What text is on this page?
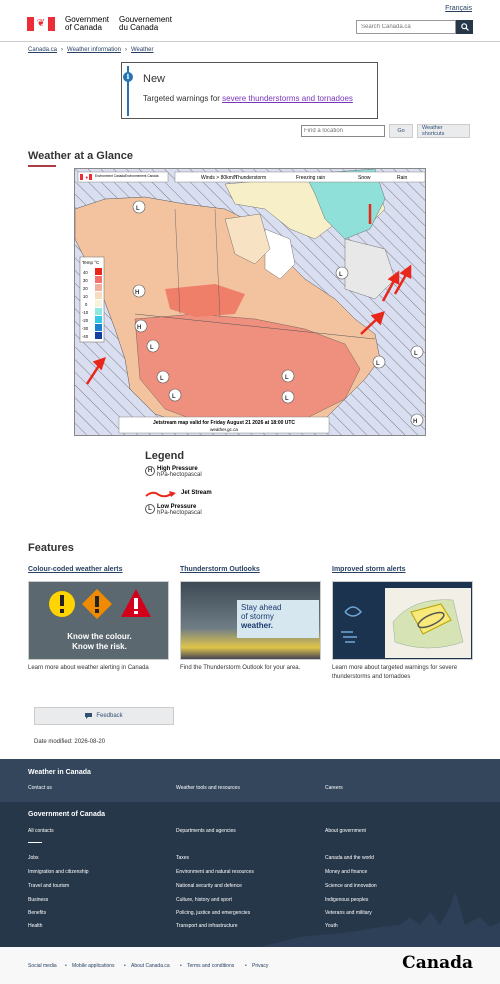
Français
❦	Government
of Canada
Gouvernement
du Canada
Search Canada.ca
Canada.ca › Weather information › Weather
i	New
Targeted warnings for severe thunderstorms and tornadoes
Find a location
Go	Weather shortcuts
Weather at a Glance
Winds > 80km/h
Thunderstorm	Freezing rain	Snow	Rain
♦ Environment Canada Environnement Canada
Temp °C
40
30
20
10
0
-10
-20
-30
-40
L
L
H
H
L
L
L
L
L
L
L
H
Jetstream map valid for Friday August 21 2026 at 18:00 UTC
weather.gc.ca
Legend
H High Pressure
hPa-hectopascal
Jet Stream
L Low Pressure
hPa-hectopascal
Features
Colour-coded weather alerts
Know the colour.
Know the risk.
Learn more about weather alerting in Canada
Thunderstorm Outlooks
Stay ahead
of stormy
weather.
Find the Thunderstorm Outlook for your area.
Improved storm alerts
Learn more about targeted warnings for severe thunderstorms and tornadoes
Feedback
Date modified: 2026-08-20
Weather in Canada
Contact us	Weather tools and resources	Careers
Government of Canada
All contacts	Departments and agencies	About government
Jobs
Immigration and citizenship
Travel and tourism
Business
Benefits
Health
Taxes
Environment and natural resources
National security and defence
Culture, history and sport
Policing, justice and emergencies
Transport and infrastructure
Canada and the world
Money and finance
Science and innovation
Indigenous peoples
Veterans and military
Youth
Social media • Mobile applications • About Canada.ca • Terms and conditions • Privacy	Canada
